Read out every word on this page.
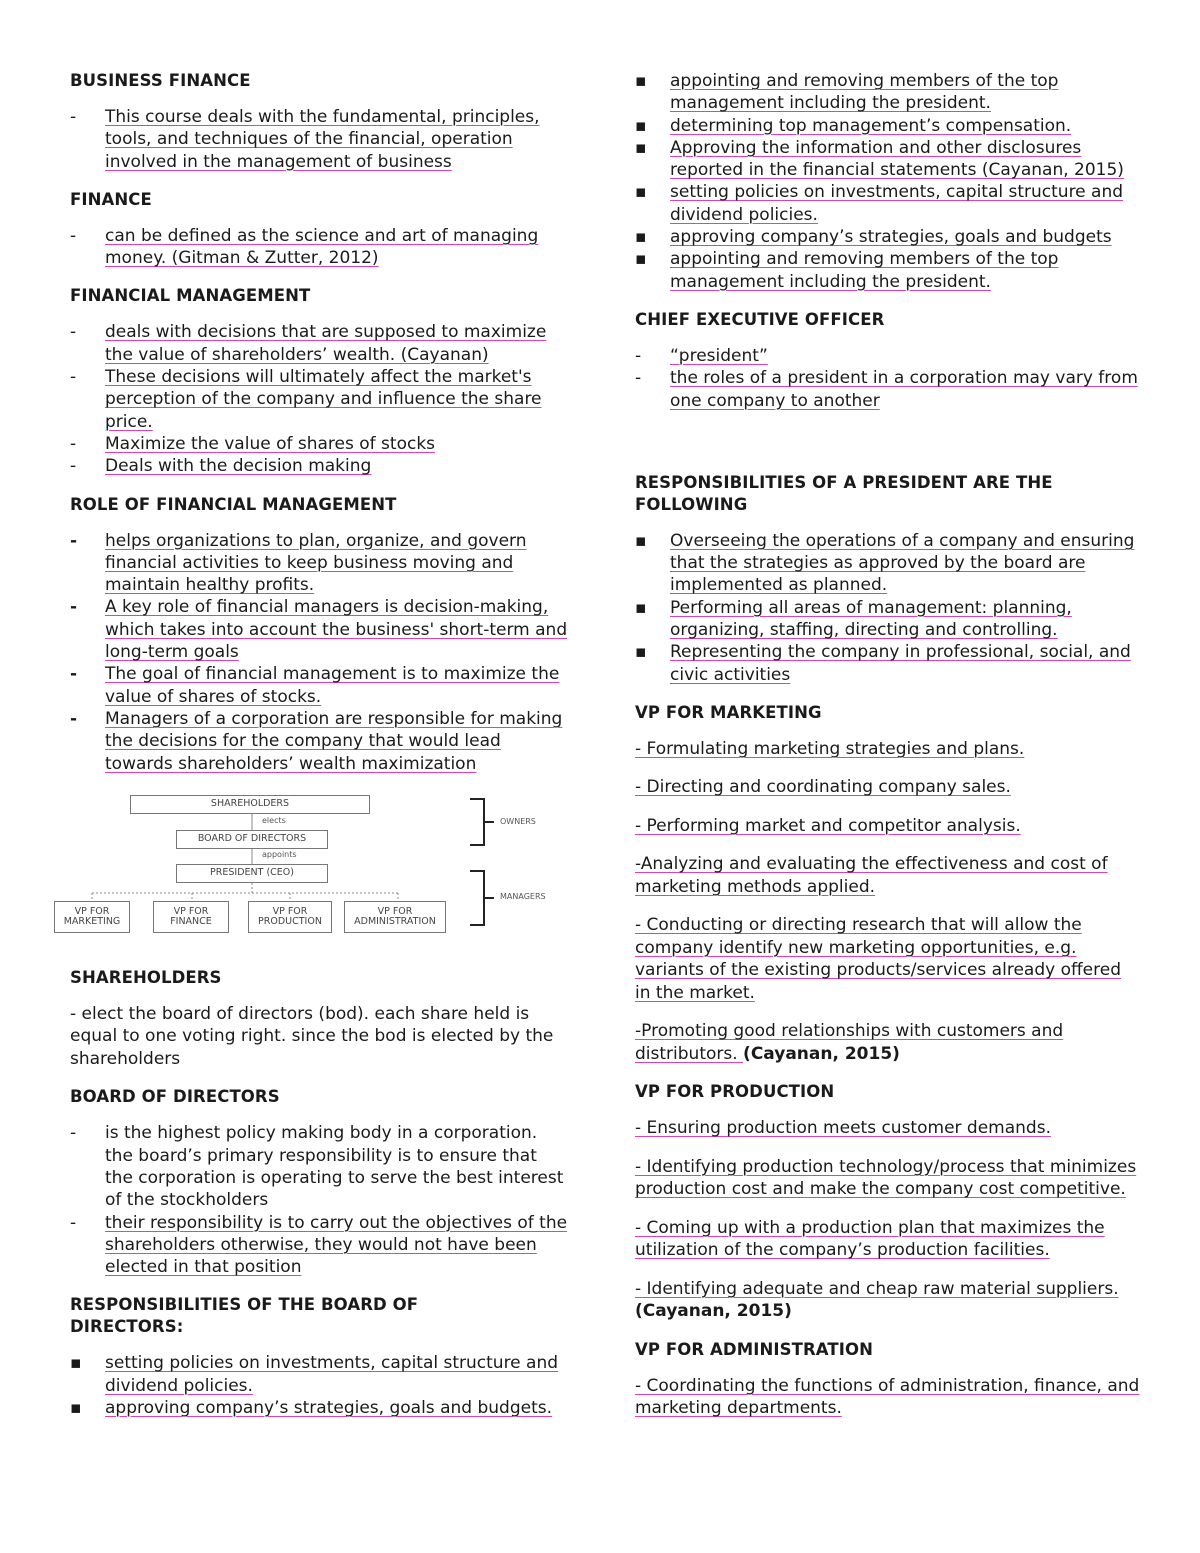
BUSINESS FINANCE
-	This course deals with the fundamental, principles, tools, and techniques of the financial, operation involved in the management of business
FINANCE
-	can be defined as the science and art of managing money. (Gitman & Zutter, 2012)
FINANCIAL MANAGEMENT
-	deals with decisions that are supposed to maximize the value of shareholders’ wealth. (Cayanan)
-	These decisions will ultimately affect the market's perception of the company and influence the share price.
-	Maximize the value of shares of stocks
-	Deals with the decision making
ROLE OF FINANCIAL MANAGEMENT
-	helps organizations to plan, organize, and govern financial activities to keep business moving and maintain healthy profits.
-	A key role of financial managers is decision-making, which takes into account the business' short-term and long-term goals
-	The goal of financial management is to maximize the value of shares of stocks.
-	Managers of a corporation are responsible for making the decisions for the company that would lead towards shareholders’ wealth maximization
SHAREHOLDERS
elects
BOARD OF DIRECTORS
appoints
PRESIDENT (CEO)
VP FOR MARKETING
VP FOR FINANCE
VP FOR PRODUCTION
VP FOR ADMINISTRATION
OWNERS
MANAGERS
SHAREHOLDERS

- elect the board of directors (bod). each share held is equal to one voting right. since the bod is elected by the shareholders

BOARD OF DIRECTORS
-	is the highest policy making body in a corporation. the board’s primary responsibility is to ensure that the corporation is operating to serve the best interest of the stockholders
-	their responsibility is to carry out the objectives of the shareholders otherwise, they would not have been elected in that position
RESPONSIBILITIES OF THE BOARD OF DIRECTORS:
▪	setting policies on investments, capital structure and dividend policies.
▪	approving company’s strategies, goals and budgets.
▪	appointing and removing members of the top management including the president.
▪	determining top management’s compensation.
▪	Approving the information and other disclosures reported in the financial statements (Cayanan, 2015)
▪	setting policies on investments, capital structure and dividend policies.
▪	approving company’s strategies, goals and budgets
▪	appointing and removing members of the top management including the president.
CHIEF EXECUTIVE OFFICER
-	“president”
-	the roles of a president in a corporation may vary from one company to another
RESPONSIBILITIES OF A PRESIDENT ARE THE FOLLOWING
▪	Overseeing the operations of a company and ensuring that the strategies as approved by the board are implemented as planned.
▪	Performing all areas of management: planning, organizing, staffing, directing and controlling.
▪	Representing the company in professional, social, and civic activities
VP FOR MARKETING

- Formulating marketing strategies and plans.

- Directing and coordinating company sales.

- Performing market and competitor analysis.

-Analyzing and evaluating the effectiveness and cost of marketing methods applied.

- Conducting or directing research that will allow the company identify new marketing opportunities, e.g. variants of the existing products/services already offered in the market.

-Promoting good relationships with customers and distributors. (Cayanan, 2015)

VP FOR PRODUCTION

- Ensuring production meets customer demands.

- Identifying production technology/process that minimizes production cost and make the company cost competitive.

- Coming up with a production plan that maximizes the utilization of the company’s production facilities.

- Identifying adequate and cheap raw material suppliers. (Cayanan, 2015)

VP FOR ADMINISTRATION

- Coordinating the functions of administration, finance, and marketing departments.
